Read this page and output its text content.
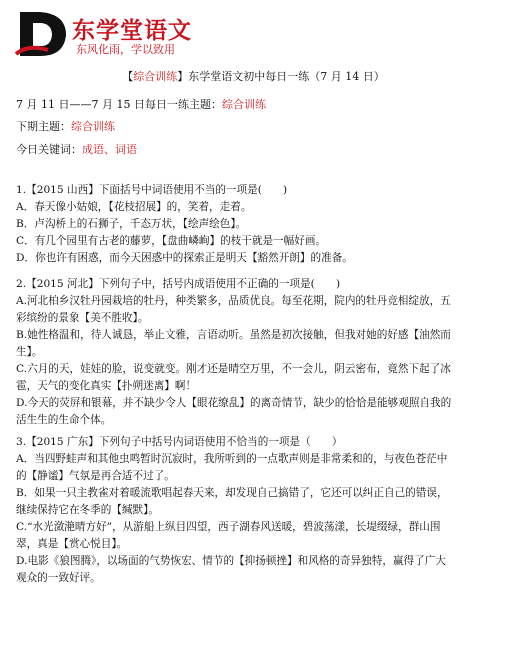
东学堂语文
东风化雨，学以致用
【综合训练】东学堂语文初中每日一练（7 月 14 日）
7 月 11 日——7 月 15 日每日一练主题：综合训练
下期主题：综合训练
今日关键词：成语、词语
1.【2015 山西】下面括号中词语使用不当的一项是(　　)
A．春天像小姑娘，【花枝招展】的，笑着，走着。
B．卢沟桥上的石狮子，千态万状，【绘声绘色】。
C．有几个园里有古老的藤萝，【盘曲嶙峋】的枝干就是一幅好画。
D．你也许有困惑，而今天困惑中的探索正是明天【豁然开朗】的准备。
2.【2015 河北】下列句子中，括号内成语使用不正确的一项是(　　)
A.河北柏乡汉牡丹园栽培的牡丹，种类繁多，品质优良。每至花期，院内的牡丹竞相绽放，五
彩缤纷的景象【美不胜收】。
B.她性格温和，待人诚恳，举止文雅，言语动听。虽然是初次接触，但我对她的好感【油然而
生】。
C.六月的天，娃娃的脸，说变就变。刚才还是晴空万里，不一会儿，阴云密布，竟然下起了冰
雹，天气的变化真实【扑朔迷离】啊！
D.今天的荧屏和银幕，并不缺少令人【眼花缭乱】的离奇情节，缺少的恰恰是能够观照自我的
活生生的生命个体。
3.【2015 广东】下列句子中括号内词语使用不恰当的一项是（　　）
A．当四野蛙声和其他虫鸣暂时沉寂时，我所听到的一点歌声则是非常柔和的，与夜色苍茫中
的【静谧】气氛是再合适不过了。
B．如果一只主教雀对着暖流歌唱起春天来，却发现自己搞错了，它还可以纠正自己的错误，
继续保持它在冬季的【缄默】。
C.“水光潋滟晴方好”，从游船上纵目四望，西子湖春风送暖，碧波荡漾，长堤缀绿，群山围
翠，真是【赏心悦目】。
D.电影《狼图腾》，以场面的气势恢宏、情节的【抑扬顿挫】和风格的奇异独特，赢得了广大
观众的一致好评。
